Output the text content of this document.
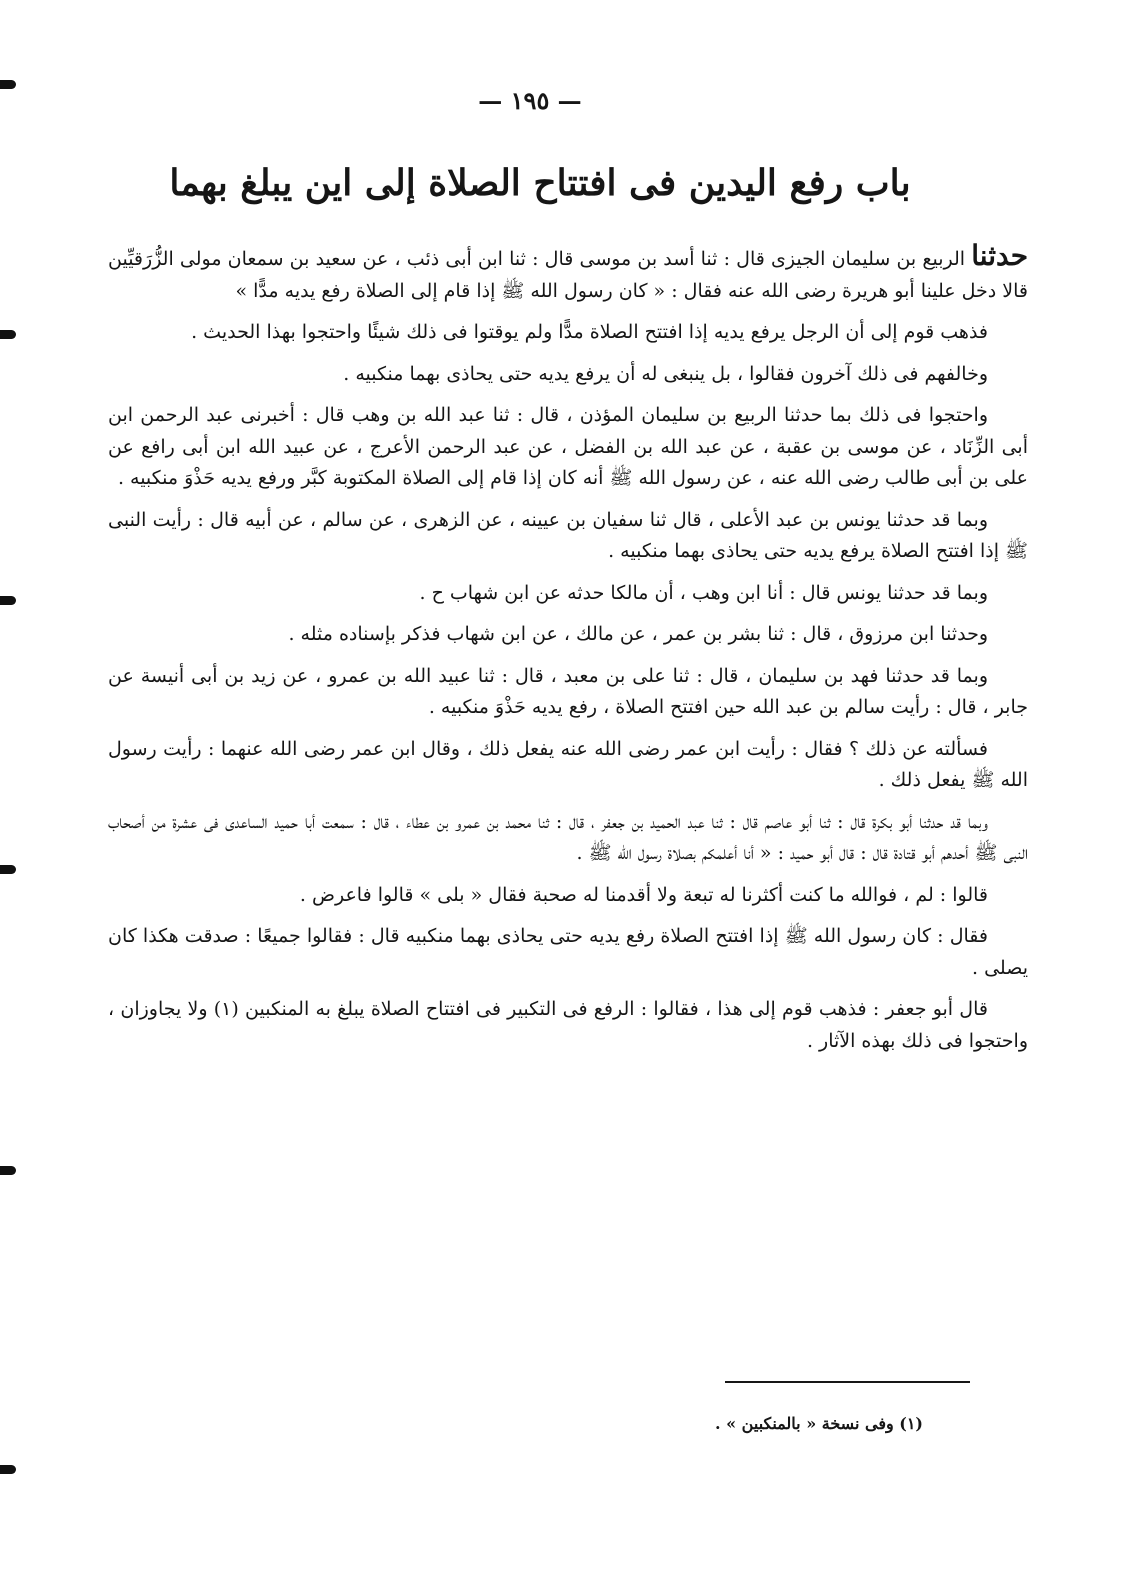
— ١٩٥ —
باب رفع اليدين فى افتتاح الصلاة إلى اين يبلغ بهما

حدثنا الربيع بن سليمان الجيزى قال : ثنا أسد بن موسى قال : ثنا ابن أبى ذئب ، عن سعيد بن سمعان مولى الزُّرَقيِّين قالا دخل علينا أبو هريرة رضى الله عنه فقال : « كان رسول الله ﷺ إذا قام إلى الصلاة رفع يديه مدًّا »

فذهب قوم إلى أن الرجل يرفع يديه إذا افتتح الصلاة مدًّا ولم يوقتوا فى ذلك شيئًا واحتجوا بهذا الحديث .

وخالفهم فى ذلك آخرون فقالوا ، بل ينبغى له أن يرفع يديه حتى يحاذى بهما منكبيه .

واحتجوا فى ذلك بما حدثنا الربيع بن سليمان المؤذن ، قال : ثنا عبد الله بن وهب قال : أخبرنى عبد الرحمن ابن أبى الزِّنَاد ، عن موسى بن عقبة ، عن عبد الله بن الفضل ، عن عبد الرحمن الأعرج ، عن عبيد الله ابن أبى رافع عن على بن أبى طالب رضى الله عنه ، عن رسول الله ﷺ أنه كان إذا قام إلى الصلاة المكتوبة كبَّر ورفع يديه حَذْوَ منكبيه .

وبما قد حدثنا يونس بن عبد الأعلى ، قال ثنا سفيان بن عيينه ، عن الزهرى ، عن سالم ، عن أبيه قال : رأيت النبى ﷺ إذا افتتح الصلاة يرفع يديه حتى يحاذى بهما منكبيه .

وبما قد حدثنا يونس قال : أنا ابن وهب ، أن مالكا حدثه عن ابن شهاب ح .

وحدثنا ابن مرزوق ، قال : ثنا بشر بن عمر ، عن مالك ، عن ابن شهاب فذكر بإسناده مثله .

وبما قد حدثنا فهد بن سليمان ، قال : ثنا على بن معبد ، قال : ثنا عبيد الله بن عمرو ، عن زيد بن أبى أنيسة عن جابر ، قال : رأيت سالم بن عبد الله حين افتتح الصلاة ، رفع يديه حَذْوَ منكبيه .

فسألته عن ذلك ؟ فقال : رأيت ابن عمر رضى الله عنه يفعل ذلك ، وقال ابن عمر رضى الله عنهما : رأيت رسول الله ﷺ يفعل ذلك .

وبما قد حدثنا أبو بكرة قال : ثنا أبو عاصم قال : ثنا عبد الحميد بن جعفر ، قال : ثنا محمد بن عمرو بن عطاء ، قال : سمعت أبا حميد الساعدى فى عشرة من أصحاب النبى ﷺ أحدهم أبو قتادة قال : قال أبو حميد : « أنا أعلمكم بصلاة رسول الله ﷺ .

قالوا : لم ، فوالله ما كنت أكثرنا له تبعة ولا أقدمنا له صحبة فقال « بلى » قالوا فاعرض .

فقال : كان رسول الله ﷺ إذا افتتح الصلاة رفع يديه حتى يحاذى بهما منكبيه قال : فقالوا جميعًا : صدقت هكذا كان يصلى .

قال أبو جعفر : فذهب قوم إلى هذا ، فقالوا : الرفع فى التكبير فى افتتاح الصلاة يبلغ به المنكبين (١) ولا يجاوزان ، واحتجوا فى ذلك بهذه الآثار .

(١) وفى نسخة « بالمنكبين » .
